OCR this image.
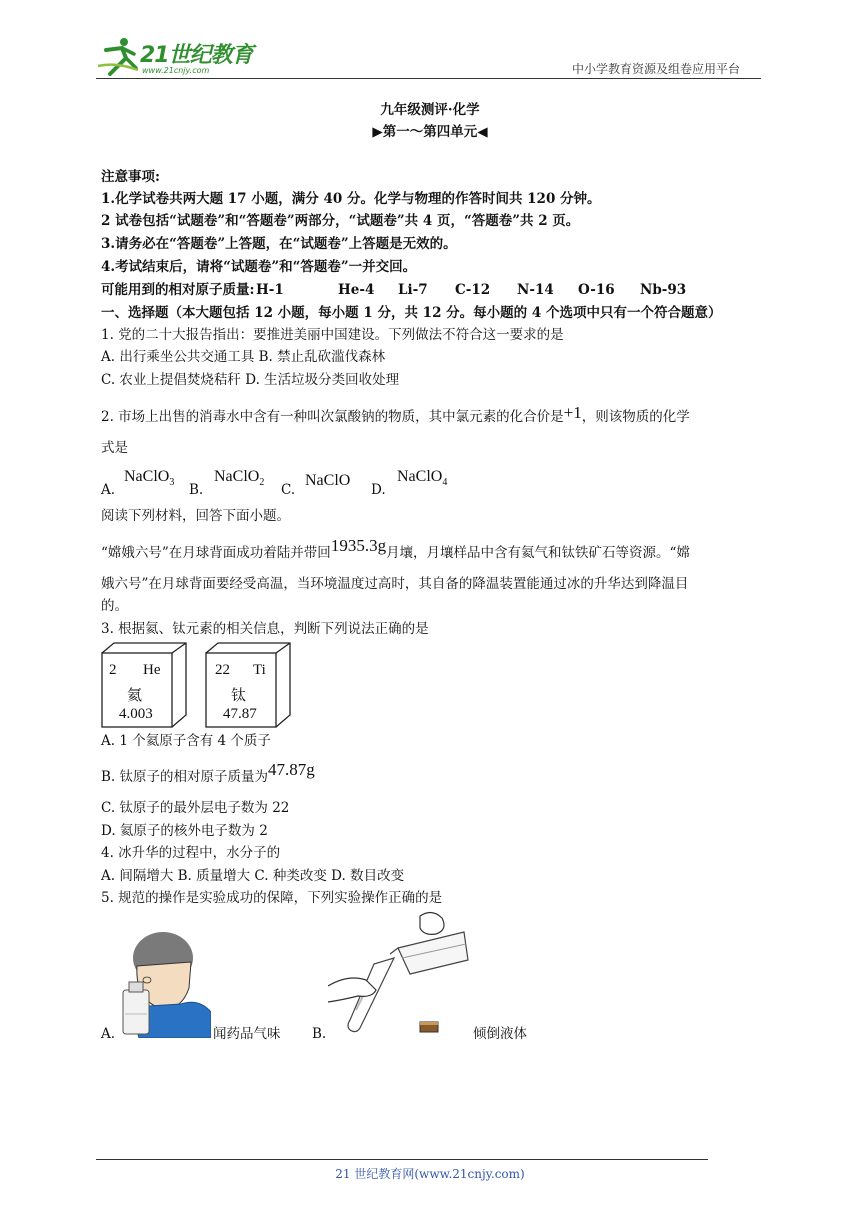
21世纪教育
www.21cnjy.com	中小学教育资源及组卷应用平台
九年级测评·化学
▶第一～第四单元◀
注意事项:
1.化学试卷共两大题 17 小题，满分 40 分。化学与物理的作答时间共 120 分钟。
2 试卷包括“试题卷”和“答题卷”两部分，“试题卷”共 4 页，“答题卷”共 2 页。
3.请务必在“答题卷”上答题，在“试题卷”上答题是无效的。
4.考试结束后，请将“试题卷”和“答题卷”一并交回。
可能用到的相对原子质量: H-1	He-4 Li-7 C-12 N-14 O-16 Nb-93
一、选择题（本大题包括 12 小题，每小题 1 分，共 12 分。每小题的 4 个选项中只有一个符合题意）
1. 党的二十大报告指出：要推进美丽中国建设。下列做法不符合这一要求的是
A. 出行乘坐公共交通工具 B. 禁止乱砍滥伐森林
C. 农业上提倡焚烧秸秆 D. 生活垃圾分类回收处理
2. 市场上出售的消毒水中含有一种叫次氯酸钠的物质，其中氯元素的化合价是+1，则该物质的化学
式是
A.
NaClO$_3$ B.
NaClO$_2$ C.
NaClO
D.
NaClO$_4$
阅读下列材料，回答下面小题。
“嫦娥六号”在月球背面成功着陆并带回1935.3g月壤，月壤样品中含有氦气和钛铁矿石等资源。“嫦
娥六号”在月球背面要经受高温，当环境温度过高时，其自备的降温装置能通过冰的升华达到降温目
的。
3. 根据氦、钛元素的相关信息，判断下列说法正确的是
2 He
氦
4.003
22 Ti
钛
47.87
A. 1 个氦原子含有 4 个质子
B. 钛原子的相对原子质量为47.87g
C. 钛原子的最外层电子数为 22
D. 氦原子的核外电子数为 2
4. 冰升华的过程中，水分子的
A. 间隔增大 B. 质量增大 C. 种类改变 D. 数目改变
5. 规范的操作是实验成功的保障，下列实验操作正确的是
A.	闻药品气味 B.	倾倒液体
21 世纪教育网(www.21cnjy.com)
